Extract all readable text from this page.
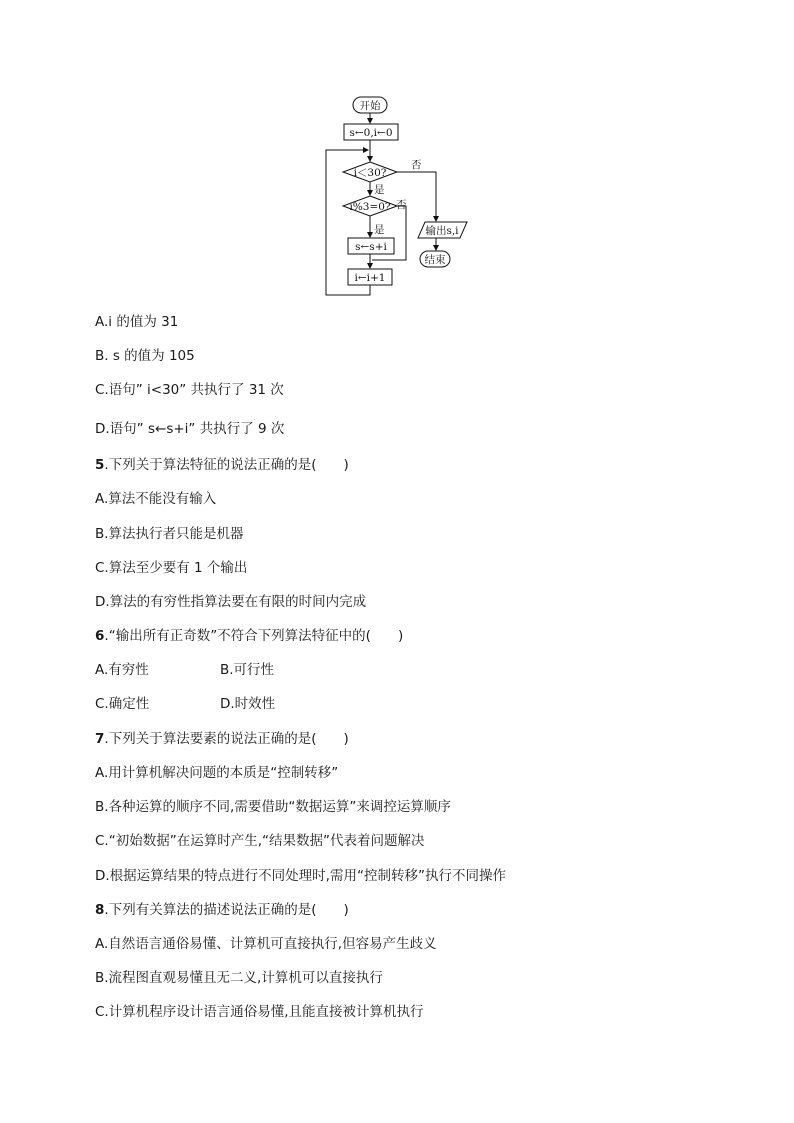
开始
s←0,i←0
i＜30?
否
是
i%3=0? 否
是
s←s+i
i←i+1
输出s,i
结束
A.i 的值为 31
B. s 的值为 105
C.语句” i<30” 共执行了 31 次
D.语句” s←s+i” 共执行了 9 次
5.下列关于算法特征的说法正确的是(　　)
A.算法不能没有输入
B.算法执行者只能是机器
C.算法至少要有 1 个输出
D.算法的有穷性指算法要在有限的时间内完成
6.“输出所有正奇数”不符合下列算法特征中的(　　)
A.有穷性	B.可行性
C.确定性	D.时效性
7.下列关于算法要素的说法正确的是(　　)
A.用计算机解决问题的本质是“控制转移”
B.各种运算的顺序不同,需要借助“数据运算”来调控运算顺序
C.“初始数据”在运算时产生,“结果数据”代表着问题解决
D.根据运算结果的特点进行不同处理时,需用“控制转移”执行不同操作
8.下列有关算法的描述说法正确的是(　　)
A.自然语言通俗易懂、计算机可直接执行,但容易产生歧义
B.流程图直观易懂且无二义,计算机可以直接执行
C.计算机程序设计语言通俗易懂,且能直接被计算机执行
